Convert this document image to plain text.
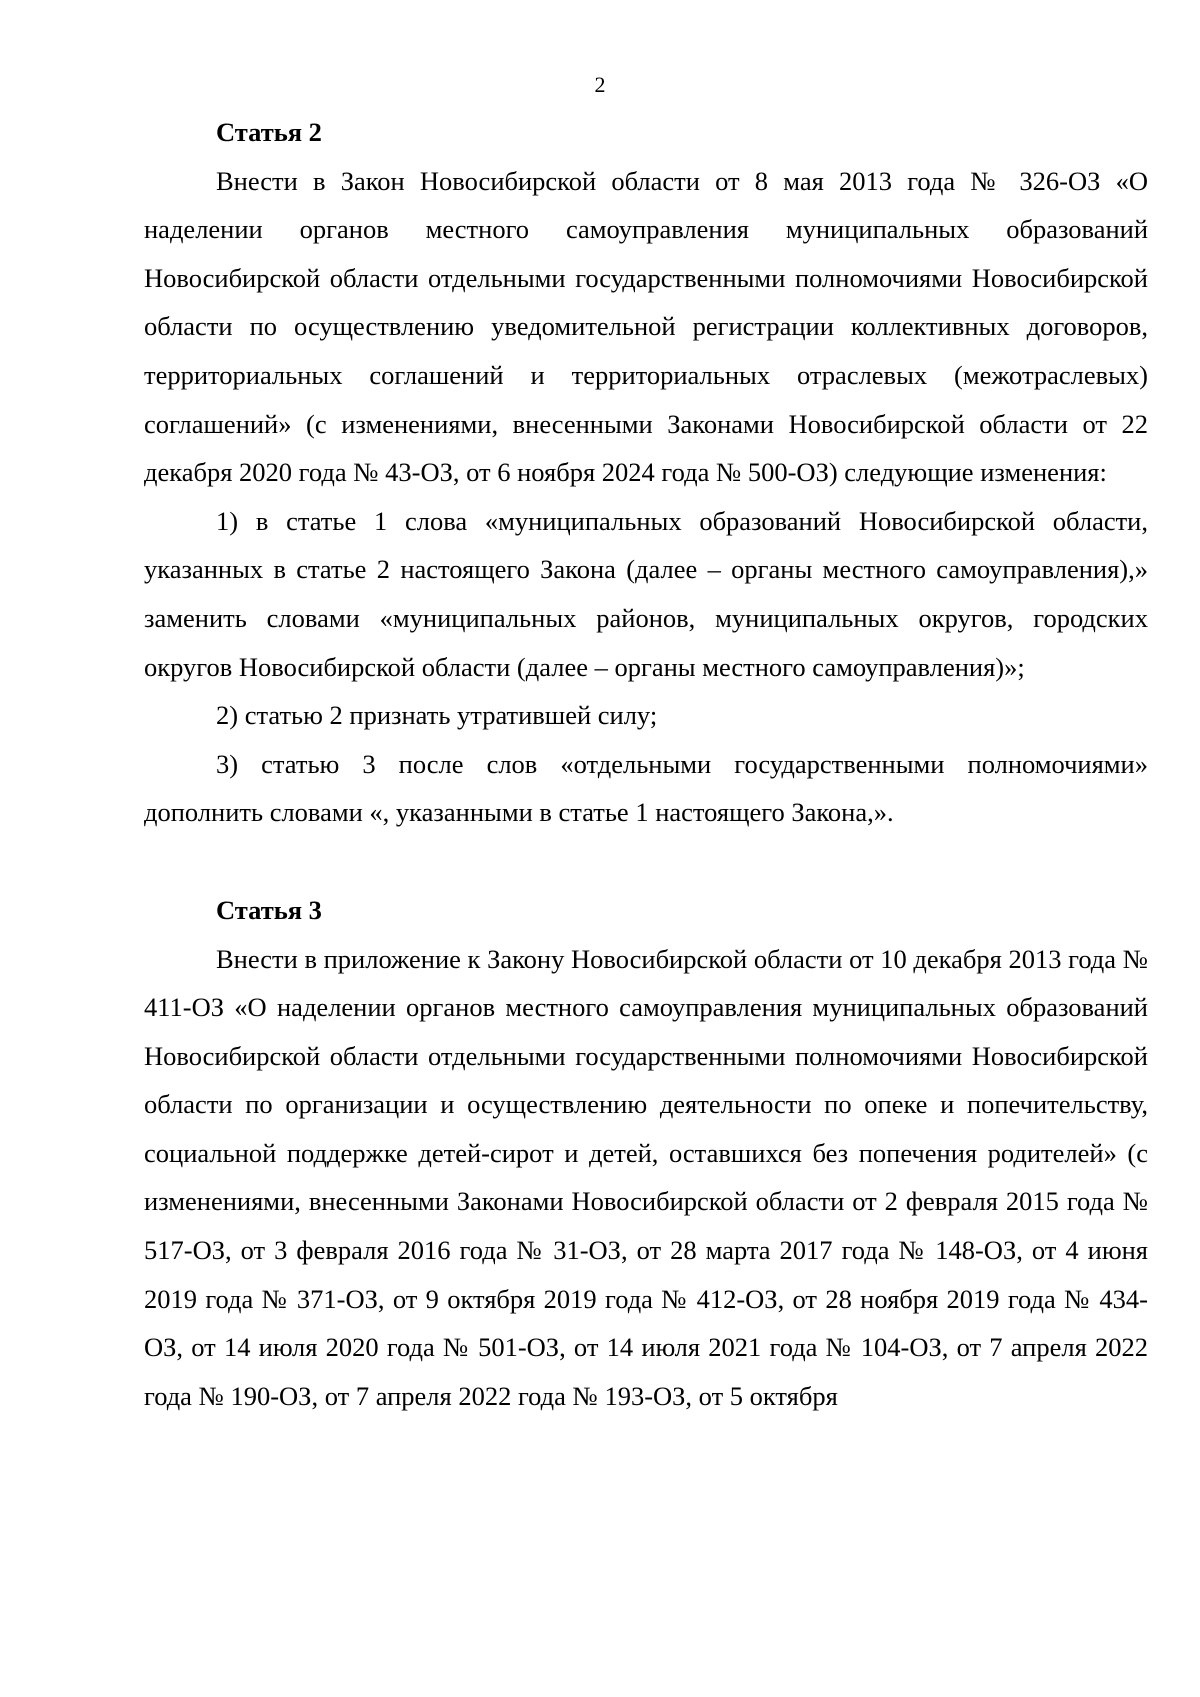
2

Статья 2

Внести в Закон Новосибирской области от 8 мая 2013 года № 326-ОЗ «О наделении органов местного самоуправления муниципальных образований Новосибирской области отдельными государственными полномочиями Новосибирской области по осуществлению уведомительной регистрации коллективных договоров, территориальных соглашений и территориальных отраслевых (межотраслевых) соглашений» (с изменениями, внесенными Законами Новосибирской области от 22 декабря 2020 года № 43-ОЗ, от 6 ноября 2024 года № 500-ОЗ) следующие изменения:

1) в статье 1 слова «муниципальных образований Новосибирской области, указанных в статье 2 настоящего Закона (далее – органы местного самоуправления),» заменить словами «муниципальных районов, муниципальных округов, городских округов Новосибирской области (далее – органы местного самоуправления)»;

2) статью 2 признать утратившей силу;

3) статью 3 после слов «отдельными государственными полномочиями» дополнить словами «, указанными в статье 1 настоящего Закона,».

Статья 3

Внести в приложение к Закону Новосибирской области от 10 декабря 2013 года № 411-ОЗ «О наделении органов местного самоуправления муниципальных образований Новосибирской области отдельными государственными полномочиями Новосибирской области по организации и осуществлению деятельности по опеке и попечительству, социальной поддержке детей-сирот и детей, оставшихся без попечения родителей» (с изменениями, внесенными Законами Новосибирской области от 2 февраля 2015 года № 517-ОЗ, от 3 февраля 2016 года № 31-ОЗ, от 28 марта 2017 года № 148-ОЗ, от 4 июня 2019 года № 371-ОЗ, от 9 октября 2019 года № 412-ОЗ, от 28 ноября 2019 года № 434-ОЗ, от 14 июля 2020 года № 501-ОЗ, от 14 июля 2021 года № 104-ОЗ, от 7 апреля 2022 года № 190-ОЗ, от 7 апреля 2022 года № 193-ОЗ, от 5 октября
